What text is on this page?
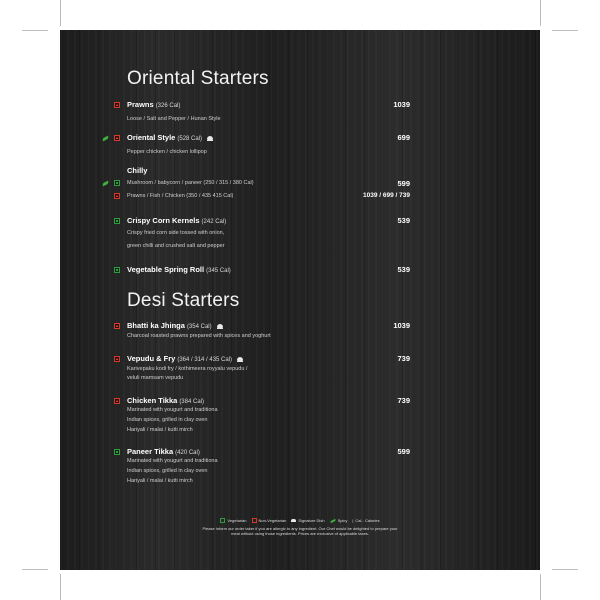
Oriental Starters
Prawns (326 Cal)	1039
Loose / Salt and Pepper / Hunan Style
Oriental Style (528 Cal)	699
Pepper chicken / chicken lollipop
Chilly
Mushroom / babycorn / paneer (250 / 315 / 380 Cal)	599
Prawns / Fish / Chicken (350 / 435 415 Cal)	1039 / 699 / 739
Crispy Corn Kernels (242 Cal)	539
Crispy fried corn side tossed with onion,
green chilli and crushed salt and pepper
Vegetable Spring Roll (345 Cal)	539
Desi Starters
Bhatti ka Jhinga (354 Cal)	1039
Charcoal roasted prawns prepared with spices and yoghurt
Vepudu & Fry (364 / 314 / 435 Cal)	739
Karivepaku kodi fry / kothimeera royyalu vepudu /
veluli mamsam vepudu
Chicken Tikka (384 Cal)	739
Marinated with yougurt and traditiona
Indian spices, grilled in clay oven
Hariyali / malai / kutti mirch
Paneer Tikka (420 Cal)	599
Marinated with yougurt and traditiona
Indian spices, grilled in clay oven
Hariyali / malai / kutti mirch
Vegetarian	Non-Vegetarian	Signature Dish	Spicy | Cal - Calories
Please inform our order taker if you are allergic to any ingredient. Our Chef would be delighted to prepare your
meal without using those ingredients. Prices are exclusive of applicable taxes.
